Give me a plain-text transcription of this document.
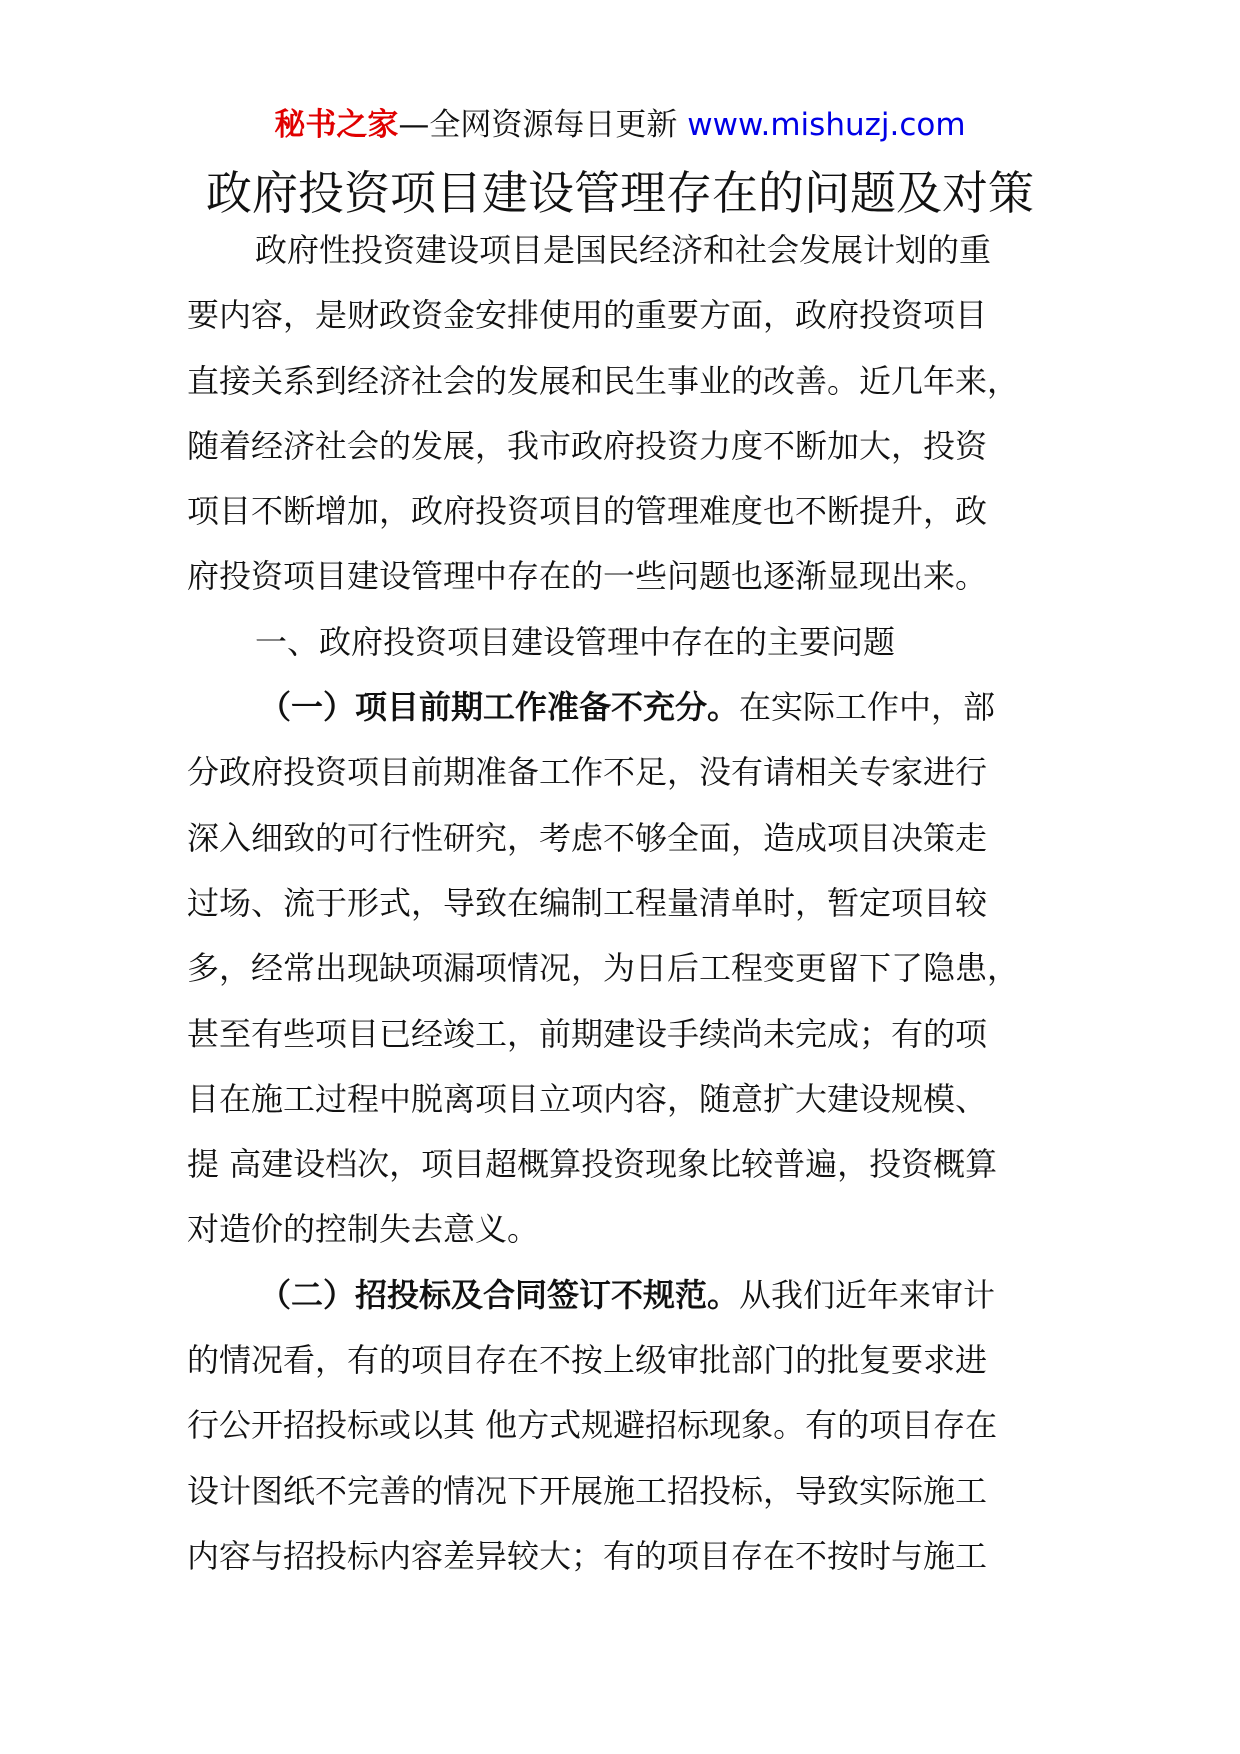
秘书之家—全网资源每日更新 www.mishuzj.com
政府投资项目建设管理存在的问题及对策
政府性投资建设项目是国民经济和社会发展计划的重
要内容，是财政资金安排使用的重要方面，政府投资项目
直接关系到经济社会的发展和民生事业的改善。近几年来，
随着经济社会的发展，我市政府投资力度不断加大，投资
项目不断增加，政府投资项目的管理难度也不断提升，政
府投资项目建设管理中存在的一些问题也逐渐显现出来。
一、政府投资项目建设管理中存在的主要问题
（一）项目前期工作准备不充分。在实际工作中，部
分政府投资项目前期准备工作不足，没有请相关专家进行
深入细致的可行性研究，考虑不够全面，造成项目决策走
过场、流于形式，导致在编制工程量清单时，暂定项目较
多，经常出现缺项漏项情况，为日后工程变更留下了隐患，
甚至有些项目已经竣工，前期建设手续尚未完成；有的项
目在施工过程中脱离项目立项内容，随意扩大建设规模、
提 高建设档次，项目超概算投资现象比较普遍，投资概算
对造价的控制失去意义。
（二）招投标及合同签订不规范。从我们近年来审计
的情况看，有的项目存在不按上级审批部门的批复要求进
行公开招投标或以其 他方式规避招标现象。有的项目存在
设计图纸不完善的情况下开展施工招投标，导致实际施工
内容与招投标内容差异较大；有的项目存在不按时与施工
